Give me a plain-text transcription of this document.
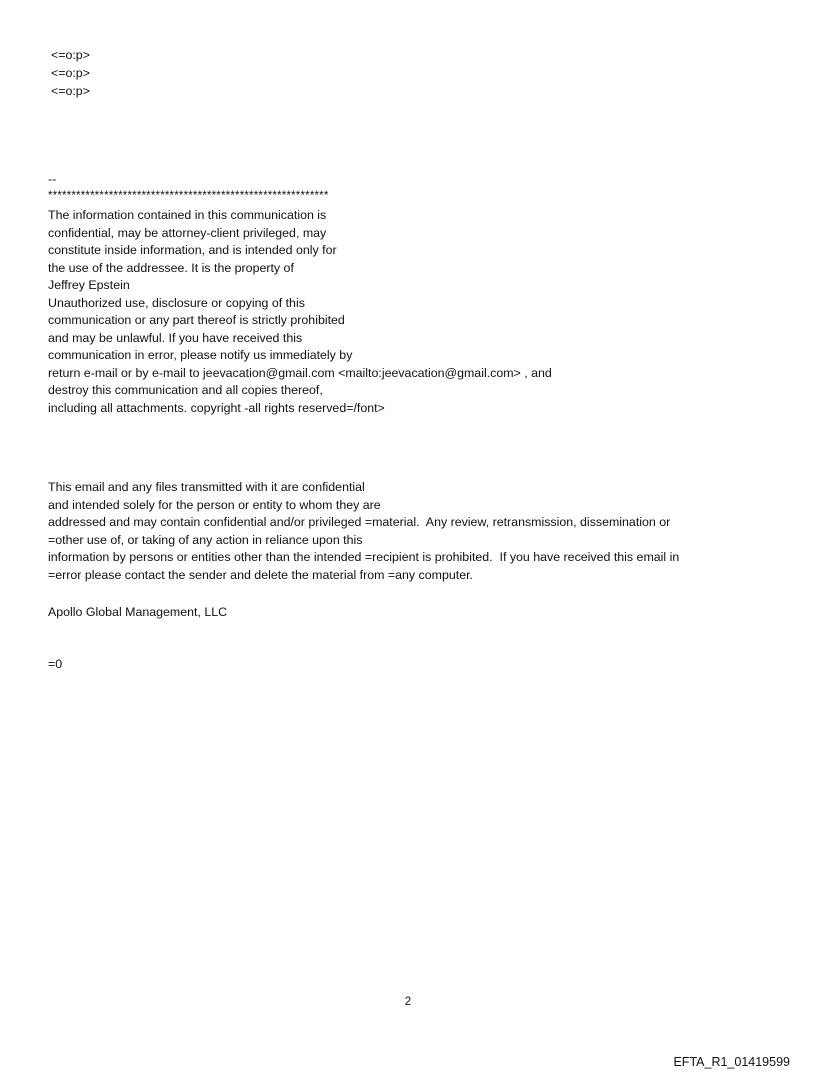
<=o:p>

<=o:p>

<=o:p>

--

************************************************************

The information contained in this communication is

confidential, may be attorney-client privileged, may

constitute inside information, and is intended only for

the use of the addressee. It is the property of

Jeffrey Epstein

Unauthorized use, disclosure or copying of this

communication or any part thereof is strictly prohibited

and may be unlawful. If you have received this

communication in error, please notify us immediately by

return e-mail or by e-mail to jeevacation@gmail.com <mailto:jeevacation@gmail.com> , and

destroy this communication and all copies thereof,

including all attachments. copyright -all rights reserved=/font>

This email and any files transmitted with it are confidential

and intended solely for the person or entity to whom they are

addressed and may contain confidential and/or privileged =material.  Any review, retransmission, dissemination or

=other use of, or taking of any action in reliance upon this

information by persons or entities other than the intended =recipient is prohibited.  If you have received this email in

=error please contact the sender and delete the material from =any computer.

Apollo Global Management, LLC

=0

2
EFTA_R1_01419599
